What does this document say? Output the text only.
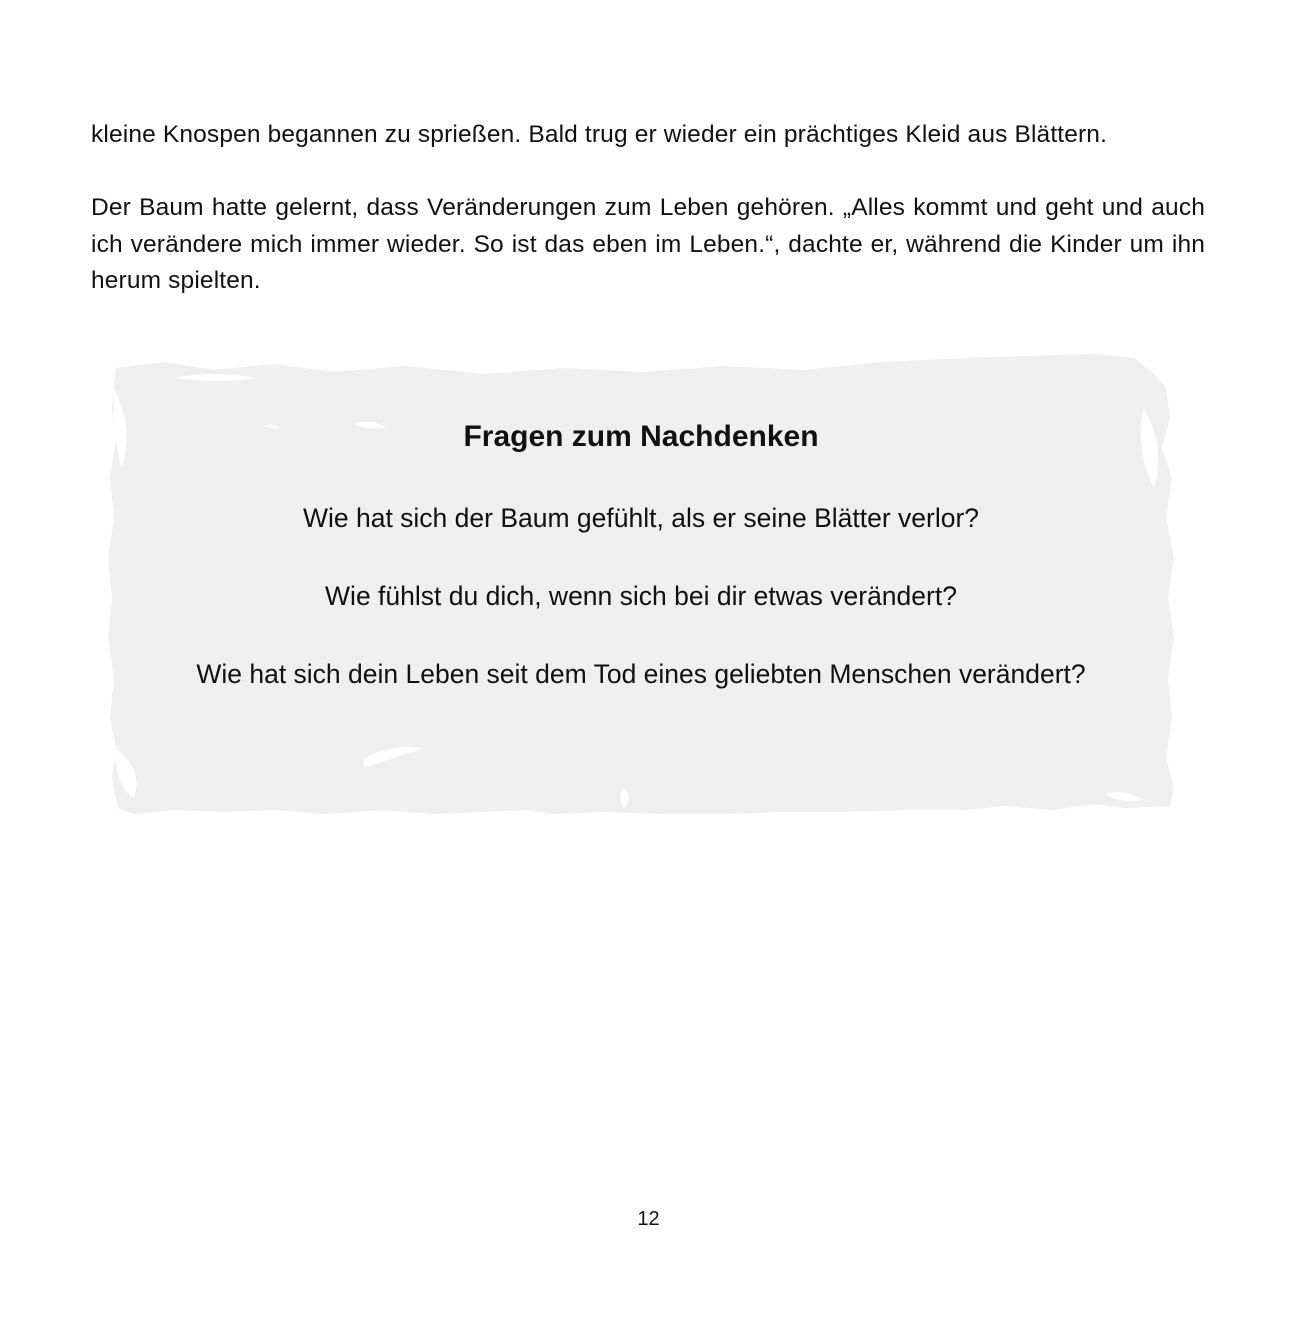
kleine Knospen begannen zu sprießen. Bald trug er wieder ein prächtiges Kleid aus Blättern.

Der Baum hatte gelernt, dass Veränderungen zum Leben gehören. „Alles kommt und geht und auch ich verändere mich immer wieder. So ist das eben im Leben.“, dachte er, während die Kinder um ihn herum spielten.

Fragen zum Nachdenken

Wie hat sich der Baum gefühlt, als er seine Blätter verlor?

Wie fühlst du dich, wenn sich bei dir etwas verändert?

Wie hat sich dein Leben seit dem Tod eines geliebten Menschen verändert?

12
